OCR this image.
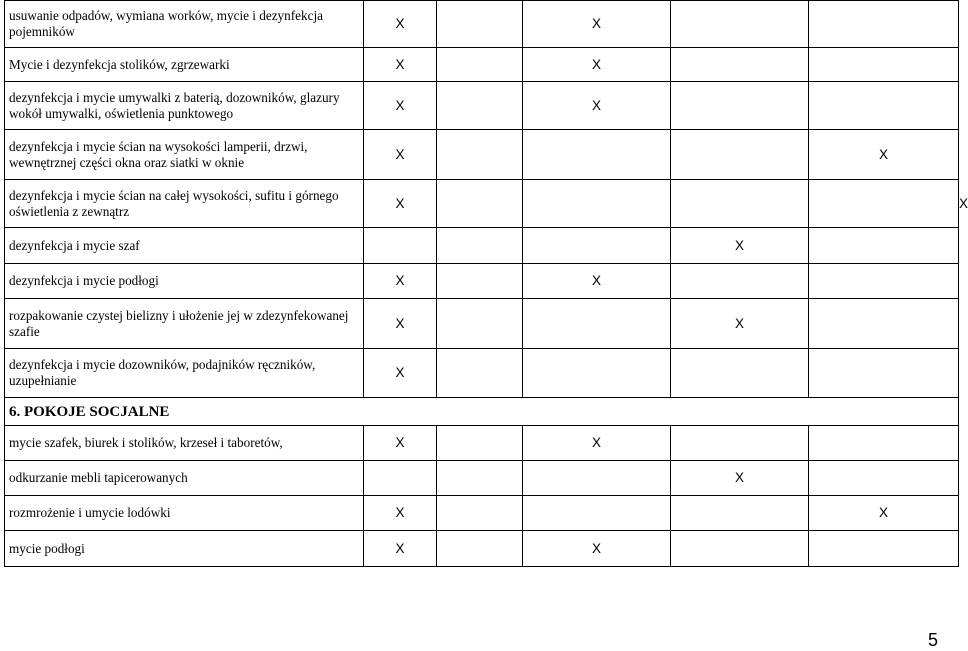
usuwanie odpadów, wymiana worków, mycie i dezynfekcja pojemników	X		X			
Mycie i dezynfekcja stolików, zgrzewarki	X		X			
dezynfekcja i mycie umywalki z baterią, dozowników, glazury wokół umywalki, oświetlenia punktowego	X		X			
dezynfekcja i mycie ścian na wysokości lamperii, drzwi, wewnętrznej części okna oraz siatki w oknie	X				X	
dezynfekcja i mycie ścian na całej wysokości, sufitu i górnego oświetlenia z zewnątrz	X					X
dezynfekcja i mycie szaf				X		
dezynfekcja i mycie podłogi	X		X			
rozpakowanie czystej bielizny i ułożenie jej w zdezynfekowanej szafie	X			X		
dezynfekcja i mycie dozowników, podajników ręczników, uzupełnianie	X					
6. POKOJE SOCJALNE						
mycie szafek, biurek i stolików, krzeseł i taboretów,	X		X			
odkurzanie mebli tapicerowanych				X		
rozmrożenie i umycie lodówki	X				X	
mycie podłogi	X		X			
5
